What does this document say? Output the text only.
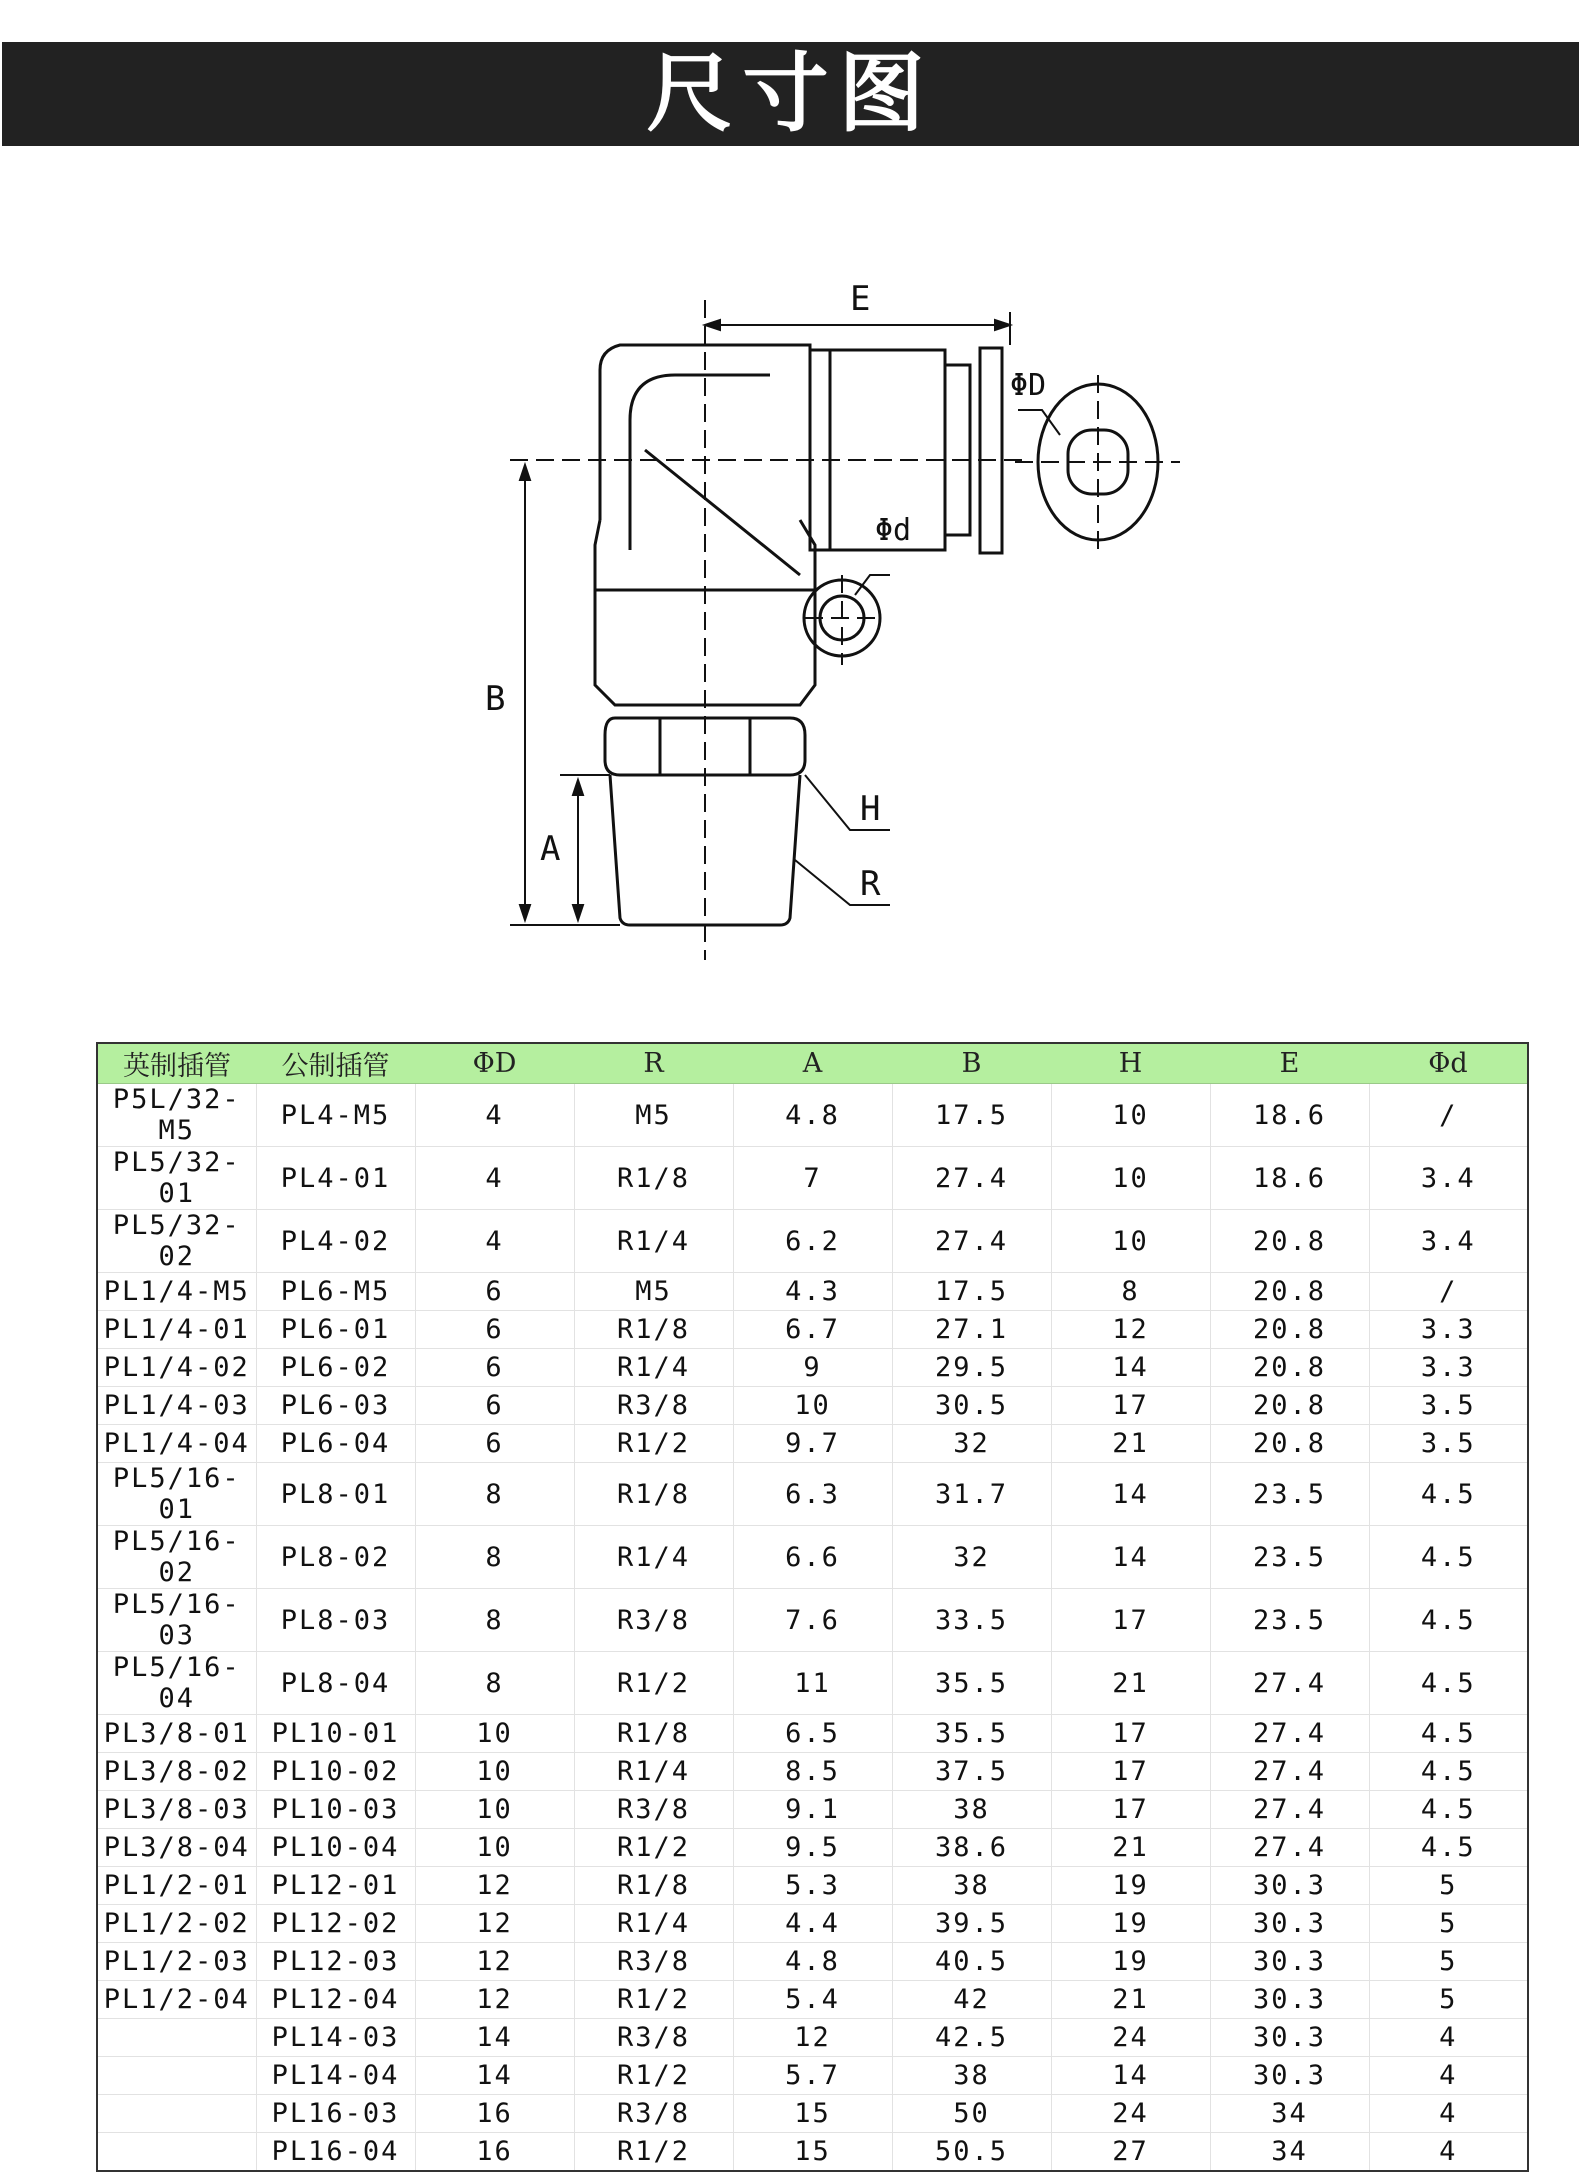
尺寸图
E
ΦD
Φd
B
A
H
R
英制插管	公制插管	ΦD	R	A	B	H	E	Φd
P5L/32-M5	PL4-M5	4	M5	4.8	17.5	10	18.6	/
PL5/32-01	PL4-01	4	R1/8	7	27.4	10	18.6	3.4
PL5/32-02	PL4-02	4	R1/4	6.2	27.4	10	20.8	3.4
PL1/4-M5	PL6-M5	6	M5	4.3	17.5	8	20.8	/
PL1/4-01	PL6-01	6	R1/8	6.7	27.1	12	20.8	3.3
PL1/4-02	PL6-02	6	R1/4	9	29.5	14	20.8	3.3
PL1/4-03	PL6-03	6	R3/8	10	30.5	17	20.8	3.5
PL1/4-04	PL6-04	6	R1/2	9.7	32	21	20.8	3.5
PL5/16-01	PL8-01	8	R1/8	6.3	31.7	14	23.5	4.5
PL5/16-02	PL8-02	8	R1/4	6.6	32	14	23.5	4.5
PL5/16-03	PL8-03	8	R3/8	7.6	33.5	17	23.5	4.5
PL5/16-04	PL8-04	8	R1/2	11	35.5	21	27.4	4.5
PL3/8-01	PL10-01	10	R1/8	6.5	35.5	17	27.4	4.5
PL3/8-02	PL10-02	10	R1/4	8.5	37.5	17	27.4	4.5
PL3/8-03	PL10-03	10	R3/8	9.1	38	17	27.4	4.5
PL3/8-04	PL10-04	10	R1/2	9.5	38.6	21	27.4	4.5
PL1/2-01	PL12-01	12	R1/8	5.3	38	19	30.3	5
PL1/2-02	PL12-02	12	R1/4	4.4	39.5	19	30.3	5
PL1/2-03	PL12-03	12	R3/8	4.8	40.5	19	30.3	5
PL1/2-04	PL12-04	12	R1/2	5.4	42	21	30.3	5
	PL14-03	14	R3/8	12	42.5	24	30.3	4
	PL14-04	14	R1/2	5.7	38	14	30.3	4
	PL16-03	16	R3/8	15	50	24	34	4
	PL16-04	16	R1/2	15	50.5	27	34	4
